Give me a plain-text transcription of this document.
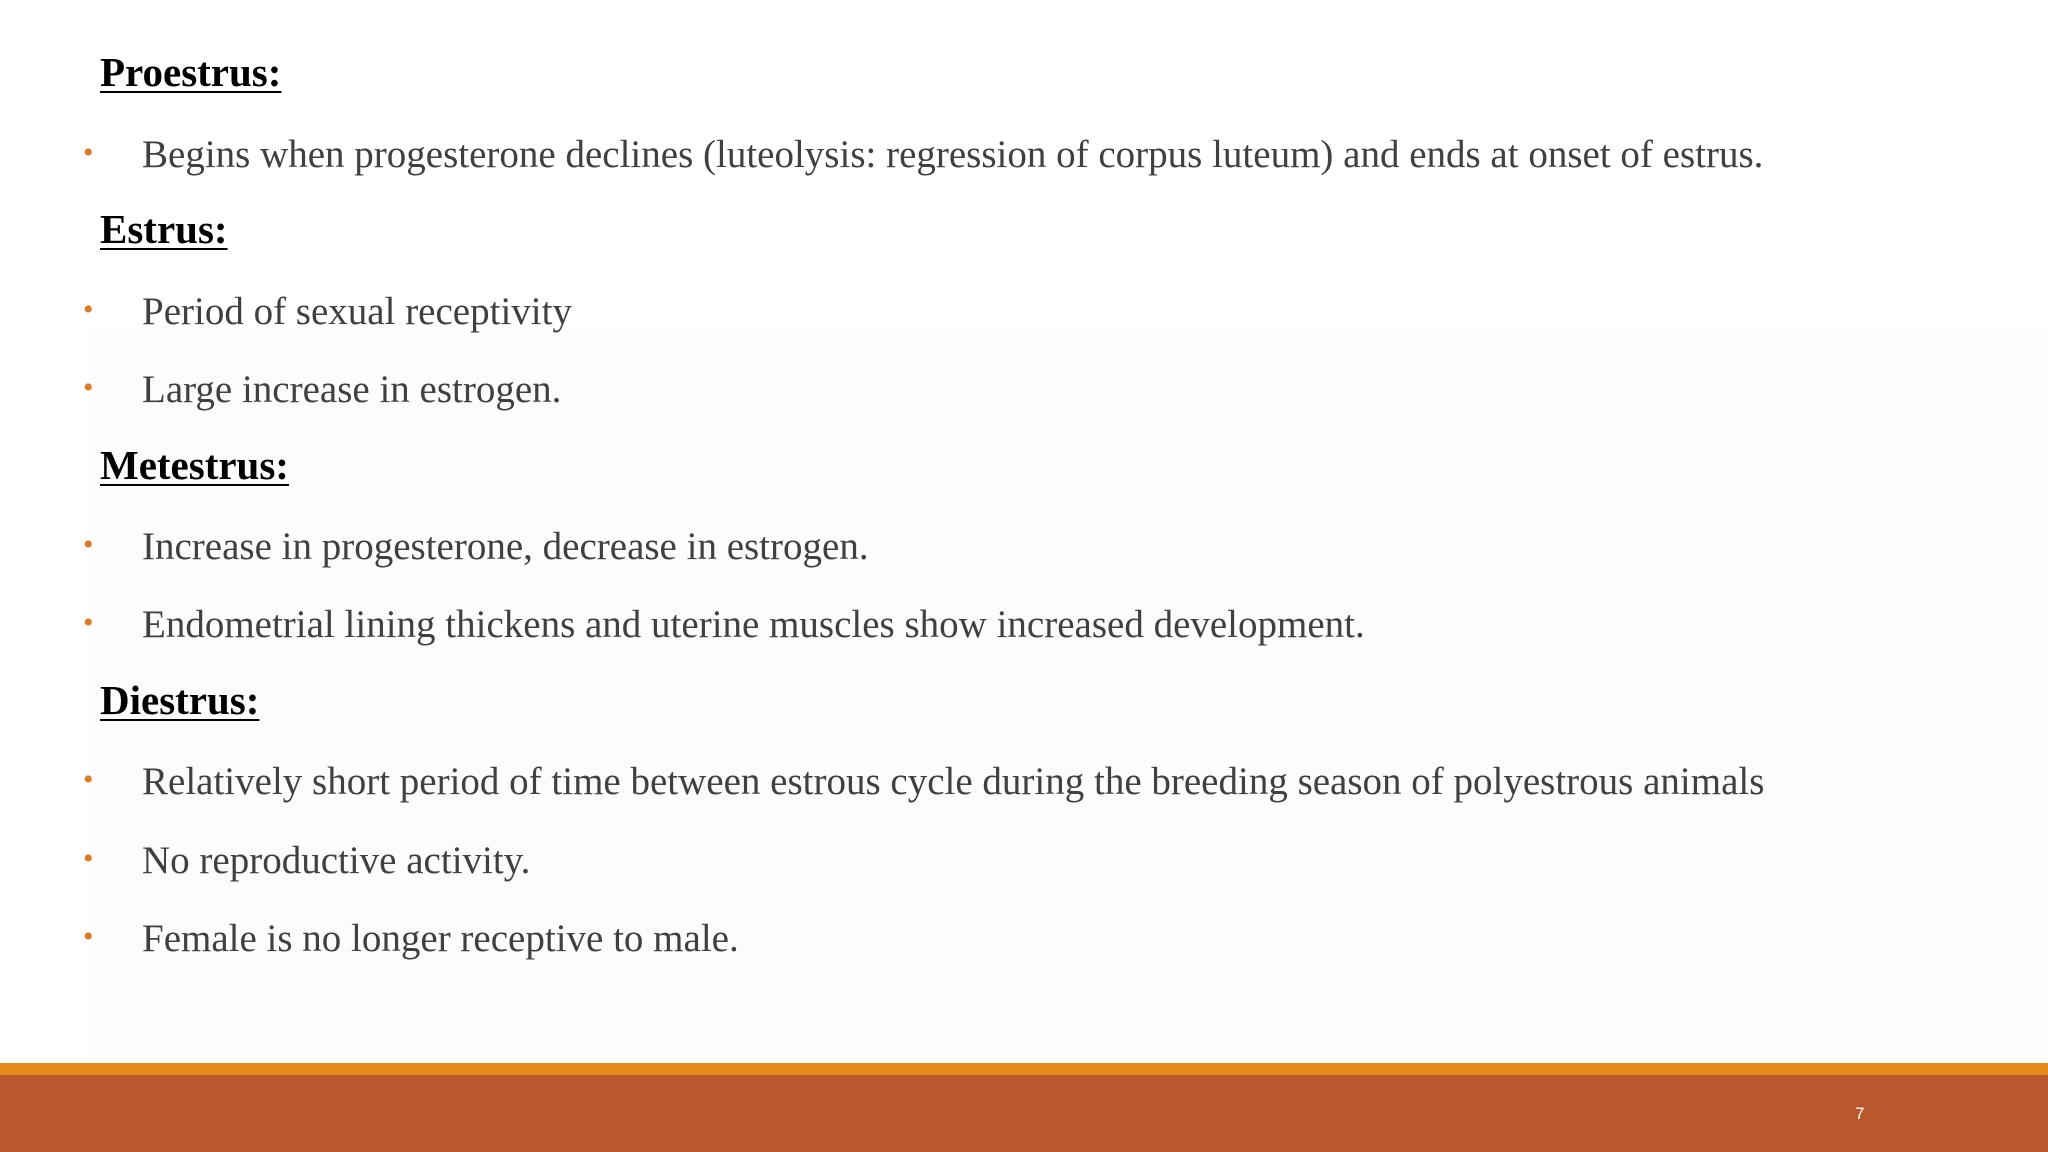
Proestrus:
• Begins when progesterone declines (luteolysis: regression of corpus luteum) and ends at onset of estrus.
Estrus:
• Period of sexual receptivity
• Large increase in estrogen.
Metestrus:
• Increase in progesterone, decrease in estrogen.
• Endometrial lining thickens and uterine muscles show increased development.
Diestrus:
• Relatively short period of time between estrous cycle during the breeding season of polyestrous animals
• No reproductive activity.
• Female is no longer receptive to male.
7
